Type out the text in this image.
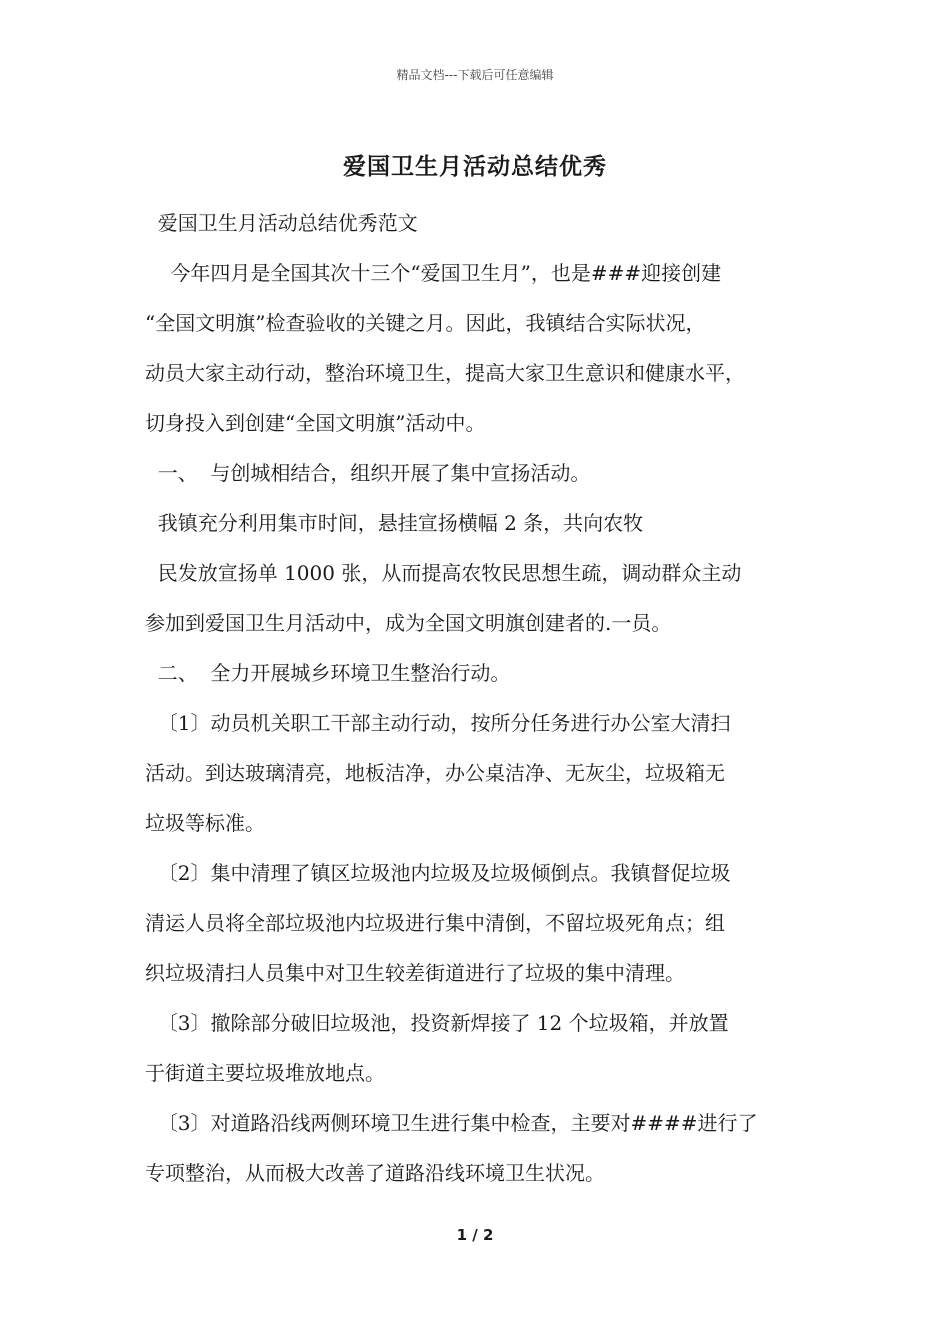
精品文档---下载后可任意编辑
爱国卫生月活动总结优秀
爱国卫生月活动总结优秀范文
今年四月是全国其次十三个“爱国卫生月”，也是###迎接创建
“全国文明旗”检查验收的关键之月。因此，我镇结合实际状况，
动员大家主动行动，整治环境卫生，提高大家卫生意识和健康水平，
切身投入到创建“全国文明旗”活动中。
一、  与创城相结合，组织开展了集中宣扬活动。
我镇充分利用集市时间，悬挂宣扬横幅 2 条，共向农牧
民发放宣扬单 1000 张，从而提高农牧民思想生疏，调动群众主动
参加到爱国卫生月活动中，成为全国文明旗创建者的.一员。
二、  全力开展城乡环境卫生整治行动。
〔1〕动员机关职工干部主动行动，按所分任务进行办公室大清扫
活动。到达玻璃清亮，地板洁净，办公桌洁净、无灰尘，垃圾箱无
垃圾等标准。
〔2〕集中清理了镇区垃圾池内垃圾及垃圾倾倒点。我镇督促垃圾
清运人员将全部垃圾池内垃圾进行集中清倒，不留垃圾死角点；组
织垃圾清扫人员集中对卫生较差街道进行了垃圾的集中清理。
〔3〕撤除部分破旧垃圾池，投资新焊接了 12 个垃圾箱，并放置
于街道主要垃圾堆放地点。
〔3〕对道路沿线两侧环境卫生进行集中检查，主要对####进行了
专项整治，从而极大改善了道路沿线环境卫生状况。
1 / 2
